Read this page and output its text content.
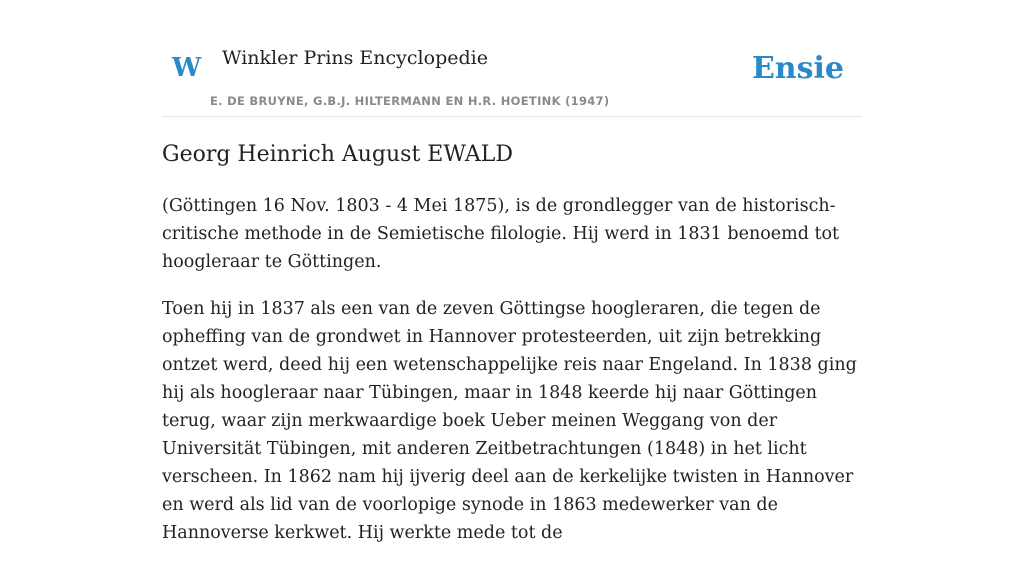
W Winkler Prins Encyclopedie
E. DE BRUYNE, G.B.J. HILTERMANN EN H.R. HOETINK (1947)
Ensie
Georg Heinrich August EWALD

(Göttingen 16 Nov. 1803 - 4 Mei 1875), is de grondlegger van de historisch-critische methode in de Semietische filologie. Hij werd in 1831 benoemd tot hoogleraar te Göttingen.

Toen hij in 1837 als een van de zeven Göttingse hoogleraren, die tegen de opheffing van de grondwet in Hannover protesteerden, uit zijn betrekking ontzet werd, deed hij een wetenschappelijke reis naar Engeland. In 1838 ging hij als hoogleraar naar Tübingen, maar in 1848 keerde hij naar Göttingen terug, waar zijn merkwaardige boek Ueber meinen Weggang von der Universität Tübingen, mit anderen Zeitbetrachtungen (1848) in het licht verscheen. In 1862 nam hij ijverig deel aan de kerkelijke twisten in Hannover en werd als lid van de voorlopige synode in 1863 medewerker van de Hannoverse kerkwet. Hij werkte mede tot de
